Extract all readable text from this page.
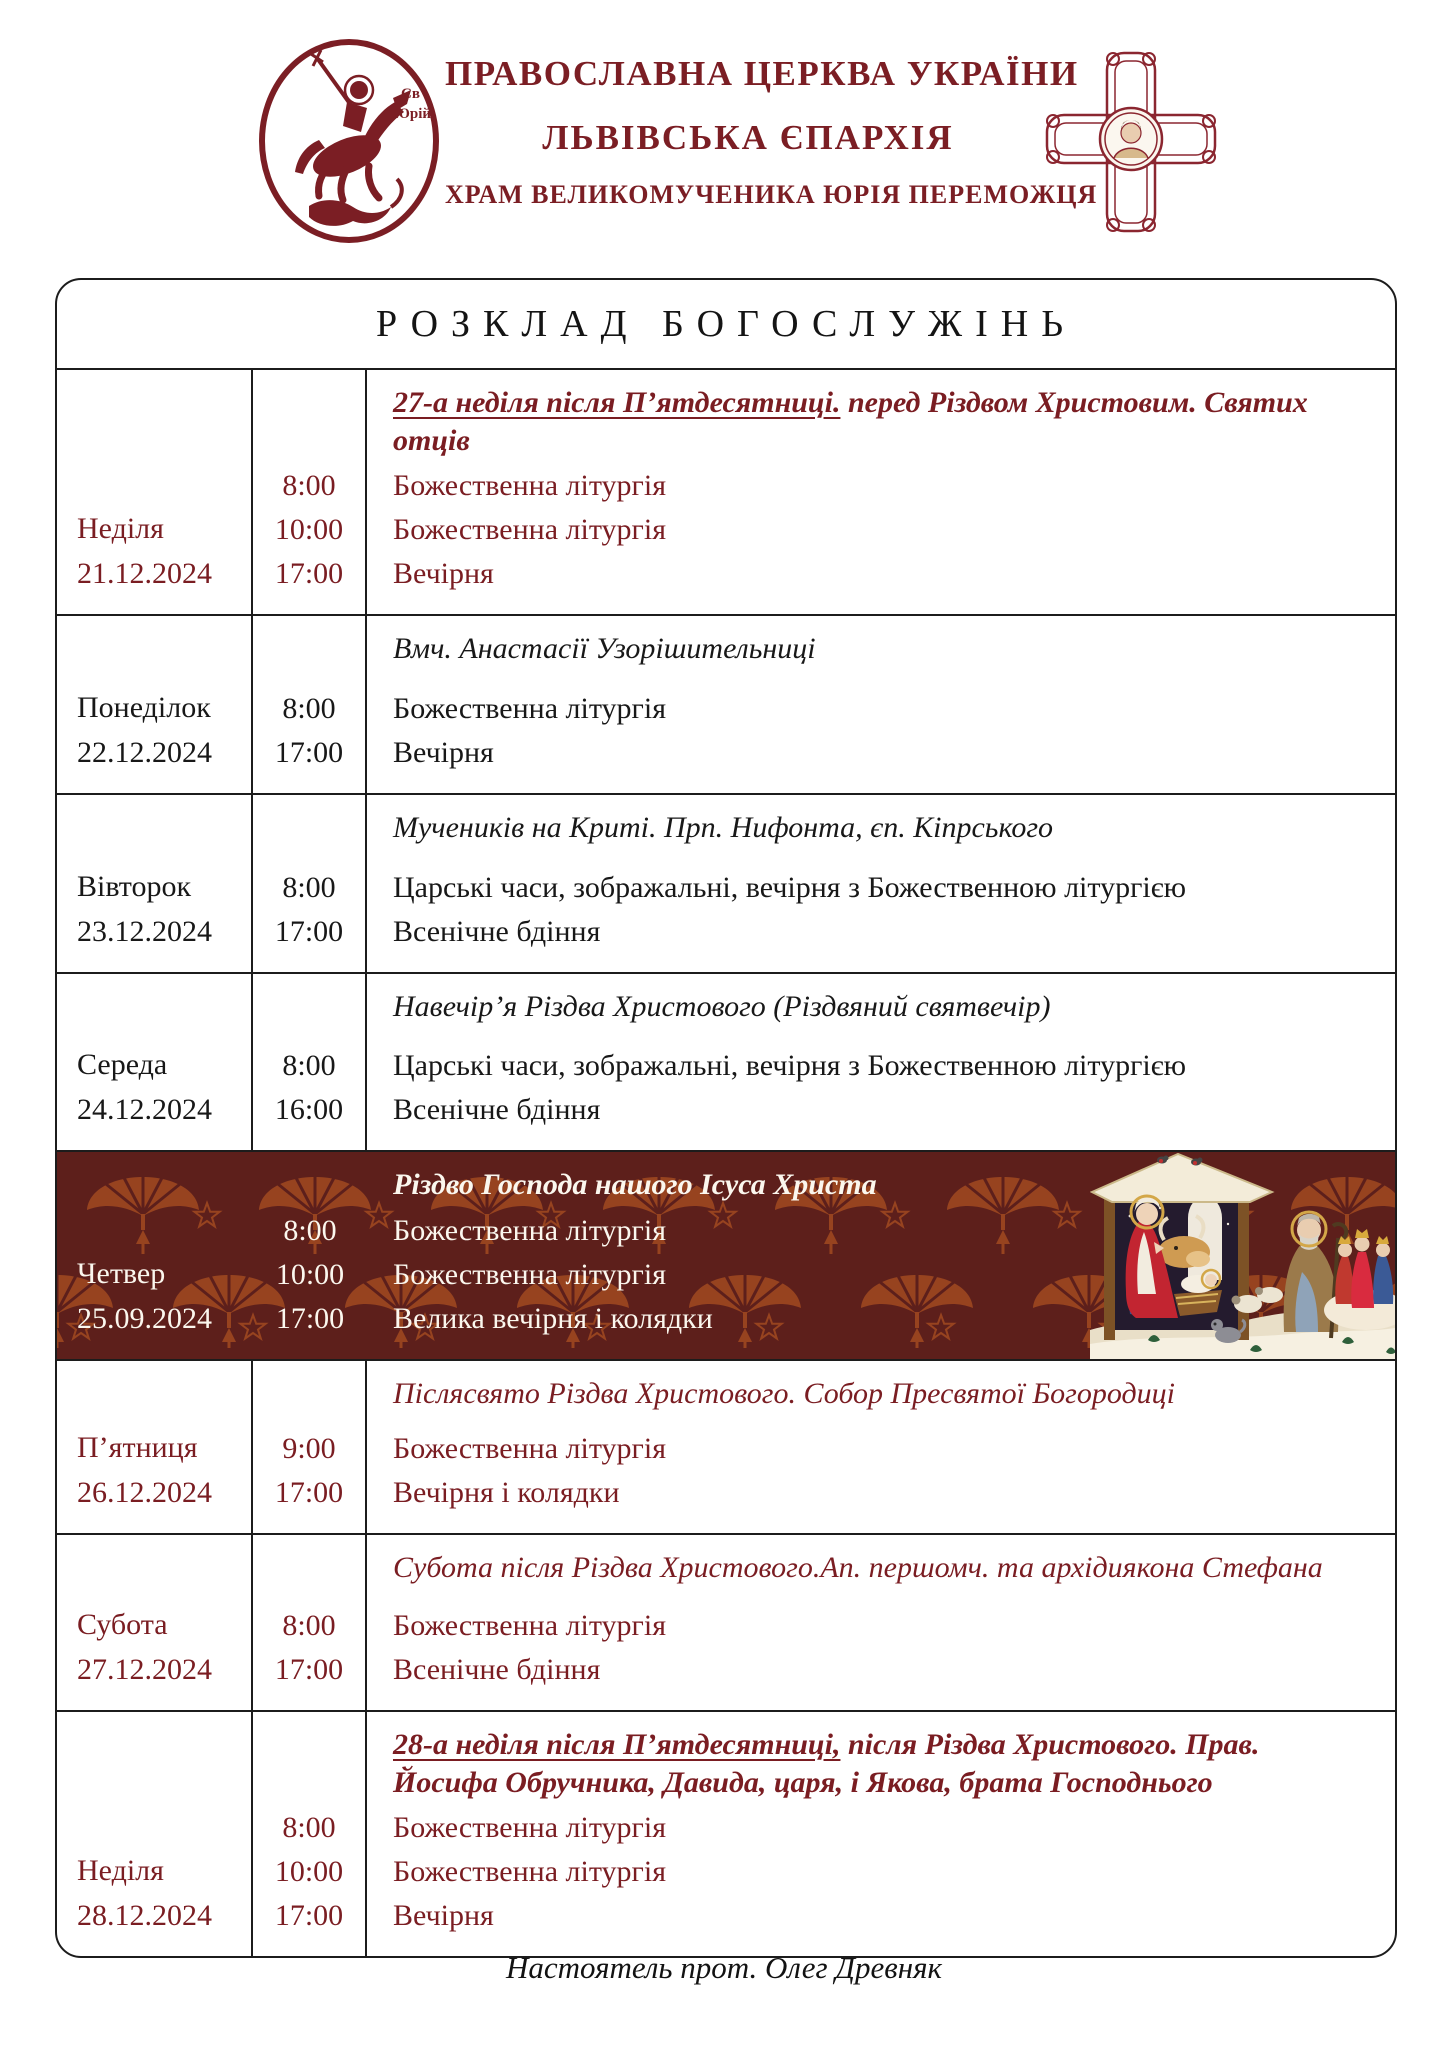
Св
Юрій
ПРАВОСЛАВНА ЦЕРКВА УКРАЇНИ
ЛЬВІВСЬКА ЄПАРХІЯ
ХРАМ ВЕЛИКОМУЧЕНИКА ЮРІЯ ПЕРЕМОЖЦЯ
РОЗКЛАД БОГОСЛУЖІНЬ
Неділя
21.12.2024
27-а неділя після П’ятдесятниці. перед Різдвом Христовим. Святих отців
8:00	Божественна літургія
10:00	Божественна літургія
17:00	Вечірня
Понеділок
22.12.2024
Вмч. Анастасії Узорішительниці
8:00	Божественна літургія
17:00	Вечірня
Вівторок
23.12.2024
Мучеників на Криті. Прп. Нифонта, єп. Кіпрського
8:00	Царські часи, зображальні, вечірня з Божественною літургією
17:00	Всенічне бдіння
Середа
24.12.2024
Навечір’я Різдва Христового (Різдвяний святвечір)
8:00	Царські часи, зображальні, вечірня з Божественною літургією
16:00	Всенічне бдіння
Четвер
25.09.2024
Різдво Господа нашого Ісуса Христа
8:00	Божественна літургія
10:00	Божественна літургія
17:00	Велика вечірня і колядки
П’ятниця
26.12.2024
Післясвято Різдва Христового. Собор Пресвятої Богородиці
9:00	Божественна літургія
17:00	Вечірня і колядки
Субота
27.12.2024
Субота після Різдва Христового.Ап. першомч. та архідиякона Стефана
8:00	Божественна літургія
17:00	Всенічне бдіння
Неділя
28.12.2024
28-а неділя після П’ятдесятниці, після Різдва Христового. Прав. Йосифа Обручника, Давида, царя, і Якова, брата Господнього
8:00	Божественна літургія
10:00	Божественна літургія
17:00	Вечірня
Настоятель прот. Олег Древняк
